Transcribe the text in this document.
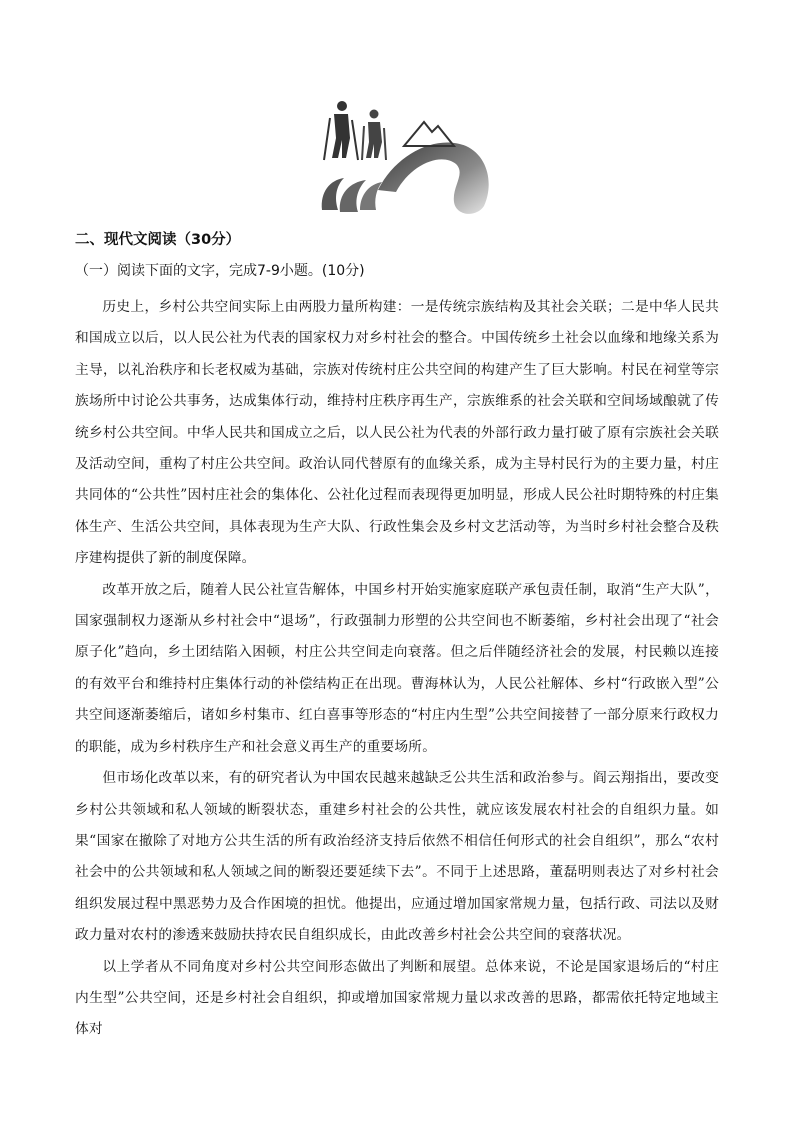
二、现代文阅读（30分）
（一）阅读下面的文字，完成7-9小题。(10分)

历史上，乡村公共空间实际上由两股力量所构建：一是传统宗族结构及其社会关联；二是中华人民共和国成立以后，以人民公社为代表的国家权力对乡村社会的整合。中国传统乡土社会以血缘和地缘关系为主导，以礼治秩序和长老权威为基础，宗族对传统村庄公共空间的构建产生了巨大影响。村民在祠堂等宗族场所中讨论公共事务，达成集体行动，维持村庄秩序再生产，宗族维系的社会关联和空间场域酿就了传统乡村公共空间。中华人民共和国成立之后，以人民公社为代表的外部行政力量打破了原有宗族社会关联及活动空间，重构了村庄公共空间。政治认同代替原有的血缘关系，成为主导村民行为的主要力量，村庄共同体的“公共性”因村庄社会的集体化、公社化过程而表现得更加明显，形成人民公社时期特殊的村庄集体生产、生活公共空间，具体表现为生产大队、行政性集会及乡村文艺活动等，为当时乡村社会整合及秩序建构提供了新的制度保障。

改革开放之后，随着人民公社宣告解体，中国乡村开始实施家庭联产承包责任制，取消“生产大队”，国家强制权力逐渐从乡村社会中“退场”，行政强制力形塑的公共空间也不断萎缩，乡村社会出现了“社会原子化”趋向，乡土团结陷入困顿，村庄公共空间走向衰落。但之后伴随经济社会的发展，村民赖以连接的有效平台和维持村庄集体行动的补偿结构正在出现。曹海林认为，人民公社解体、乡村“行政嵌入型”公共空间逐渐萎缩后，诸如乡村集市、红白喜事等形态的“村庄内生型”公共空间接替了一部分原来行政权力的职能，成为乡村秩序生产和社会意义再生产的重要场所。

但市场化改革以来，有的研究者认为中国农民越来越缺乏公共生活和政治参与。阎云翔指出，要改变乡村公共领域和私人领域的断裂状态，重建乡村社会的公共性，就应该发展农村社会的自组织力量。如果“国家在撤除了对地方公共生活的所有政治经济支持后依然不相信任何形式的社会自组织”，那么“农村社会中的公共领域和私人领域之间的断裂还要延续下去”。不同于上述思路，董磊明则表达了对乡村社会组织发展过程中黑恶势力及合作困境的担忧。他提出，应通过增加国家常规力量，包括行政、司法以及财政力量对农村的渗透来鼓励扶持农民自组织成长，由此改善乡村社会公共空间的衰落状况。

以上学者从不同角度对乡村公共空间形态做出了判断和展望。总体来说，不论是国家退场后的“村庄内生型”公共空间，还是乡村社会自组织，抑或增加国家常规力量以求改善的思路，都需依托特定地域主体对
